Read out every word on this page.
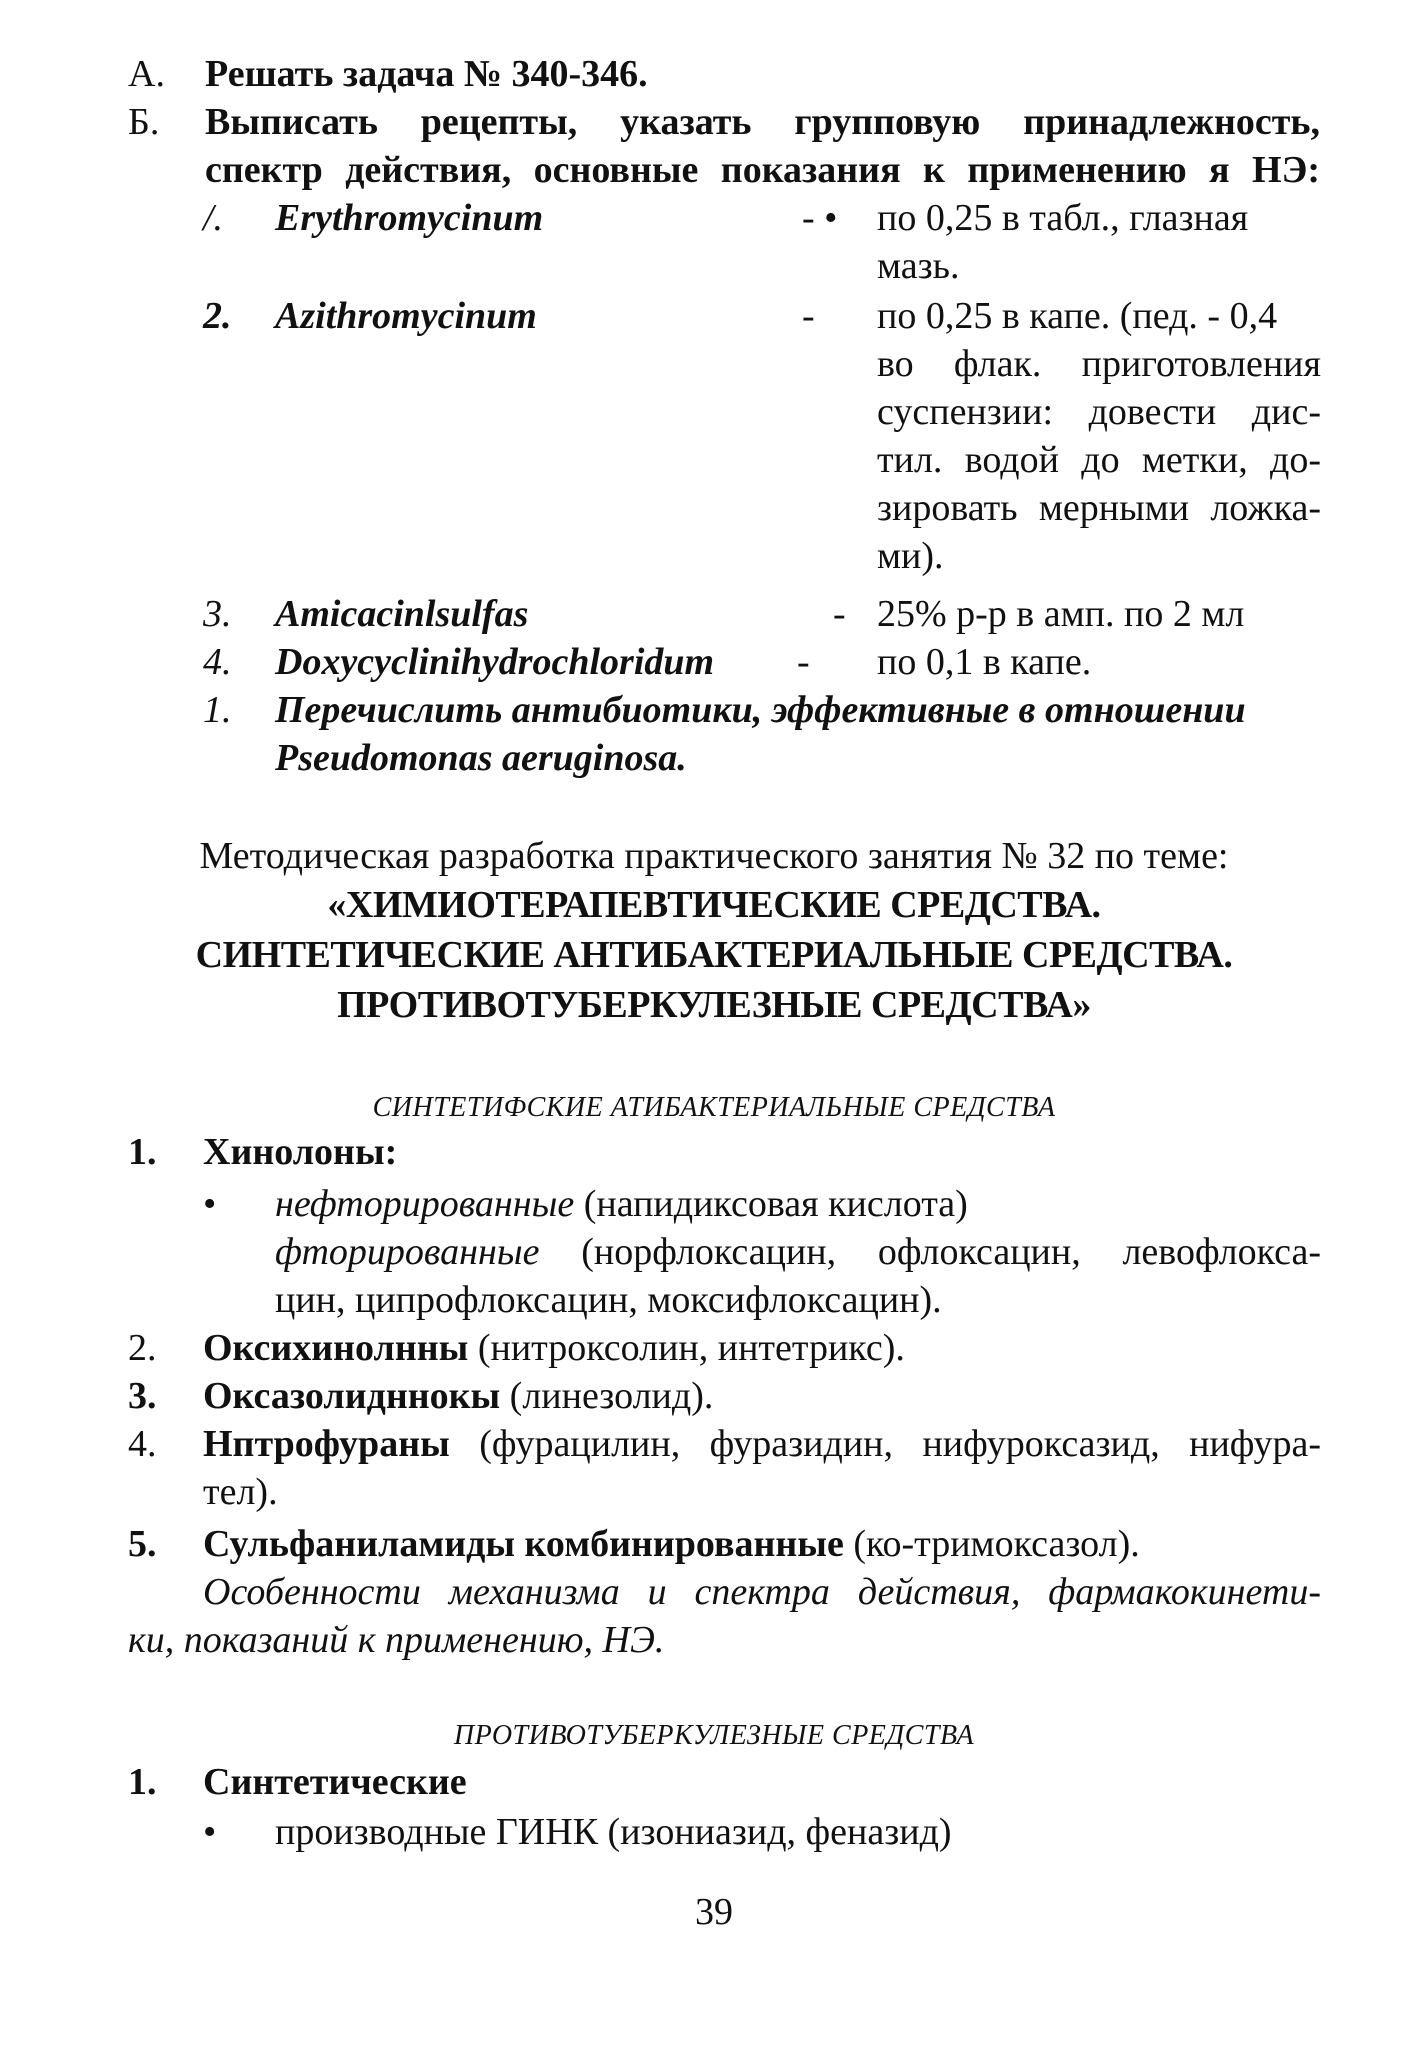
А. Решать задача № 340-346.
Б. Выписать рецепты, указать групповую принадлежность,
спектр действия, основные показания к применению я НЭ:
/. Erythromycinum	- • по 0,25 в табл., глазная
мазь.
2. Azithromycinum	- по 0,25 в капе. (пед. - 0,4
во флак. приготовления
суспензии: довести дис-
тил. водой до метки, до-
зировать мерными ложка-
ми).
3. Amicacinlsulfas	- 25% р-р в амп. по 2 мл
4. Doxycyclinihydrochloridum - по 0,1 в капе.
1. Перечислить антибиотики, эффективные в отношении
Pseudomonas aeruginosa.
Методическая разработка практического занятия № 32 по теме:
«ХИМИОТЕРАПЕВТИЧЕСКИЕ СРЕДСТВА.
СИНТЕТИЧЕСКИЕ АНТИБАКТЕРИАЛЬНЫЕ СРЕДСТВА.
ПРОТИВОТУБЕРКУЛЕЗНЫЕ СРЕДСТВА»
СИНТЕТИФСКИЕ АТИБАКТЕРИАЛЬНЫЕ СРЕДСТВА
1. Хинолоны:
• нефторированные (напидиксовая кислота)
фторированные (норфлоксацин, офлоксацин, левофлокса-
цин, ципрофлоксацин, моксифлоксацин).
2. Оксихинолнны (нитроксолин, интетрикс).
3. Оксазолидннокы (линезолид).
4. Нптрофураны (фурацилин, фуразидин, нифуроксазид, нифура-
тел).
5. Сульфаниламиды комбинированные (ко-тримоксазол).
Особенности механизма и спектра действия, фармакокинети-
ки, показаний к применению, НЭ.
ПРОТИВОТУБЕРКУЛЕЗНЫЕ СРЕДСТВА
1. Синтетические
• производные ГИНК (изониазид, феназид)
39
